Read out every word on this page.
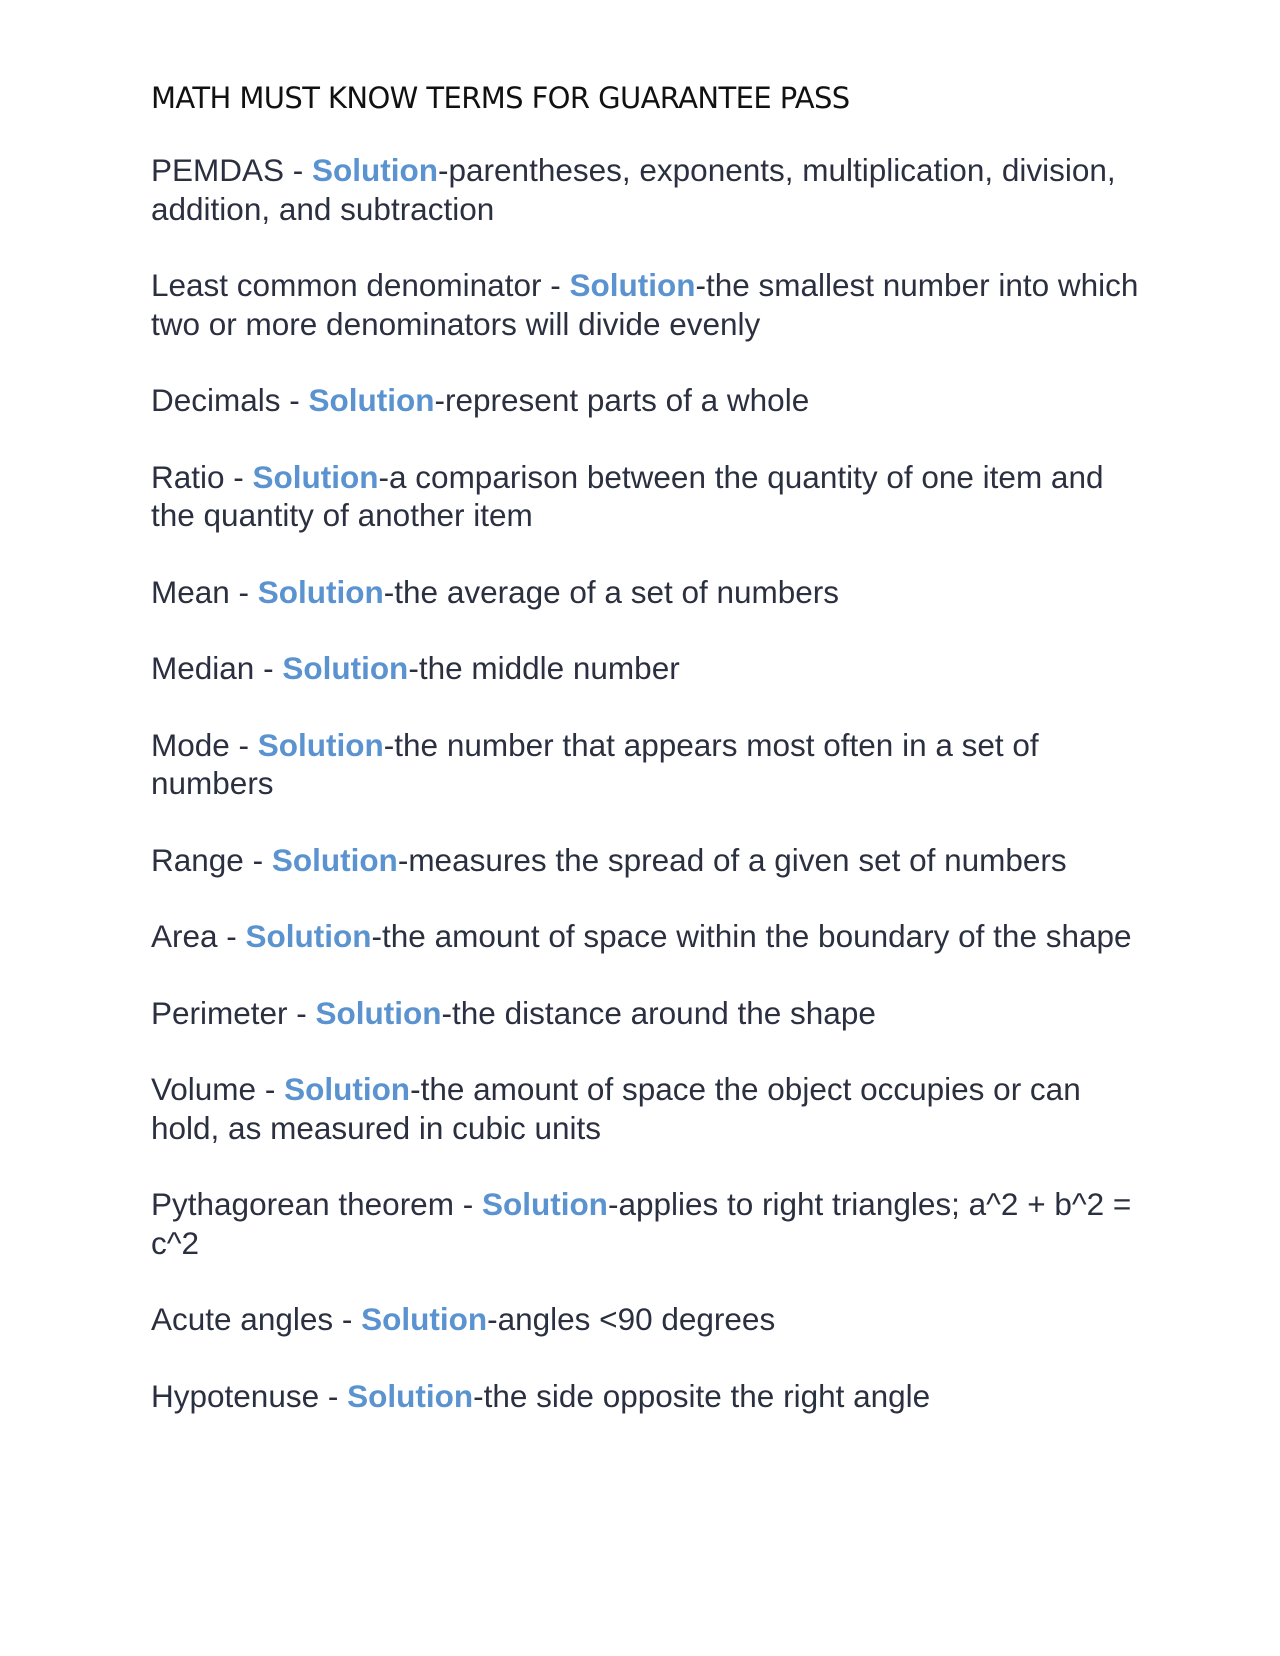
MATH MUST KNOW TERMS FOR GUARANTEE PASS
PEMDAS - Solution-parentheses, exponents, multiplication, division, addition, and subtraction
Least common denominator - Solution-the smallest number into which two or more denominators will divide evenly
Decimals - Solution-represent parts of a whole
Ratio - Solution-a comparison between the quantity of one item and the quantity of another item
Mean - Solution-the average of a set of numbers
Median - Solution-the middle number
Mode - Solution-the number that appears most often in a set of numbers
Range - Solution-measures the spread of a given set of numbers
Area - Solution-the amount of space within the boundary of the shape
Perimeter - Solution-the distance around the shape
Volume - Solution-the amount of space the object occupies or can hold, as measured in cubic units
Pythagorean theorem - Solution-applies to right triangles; a^2 + b^2 = c^2
Acute angles - Solution-angles <90 degrees
Hypotenuse - Solution-the side opposite the right angle
